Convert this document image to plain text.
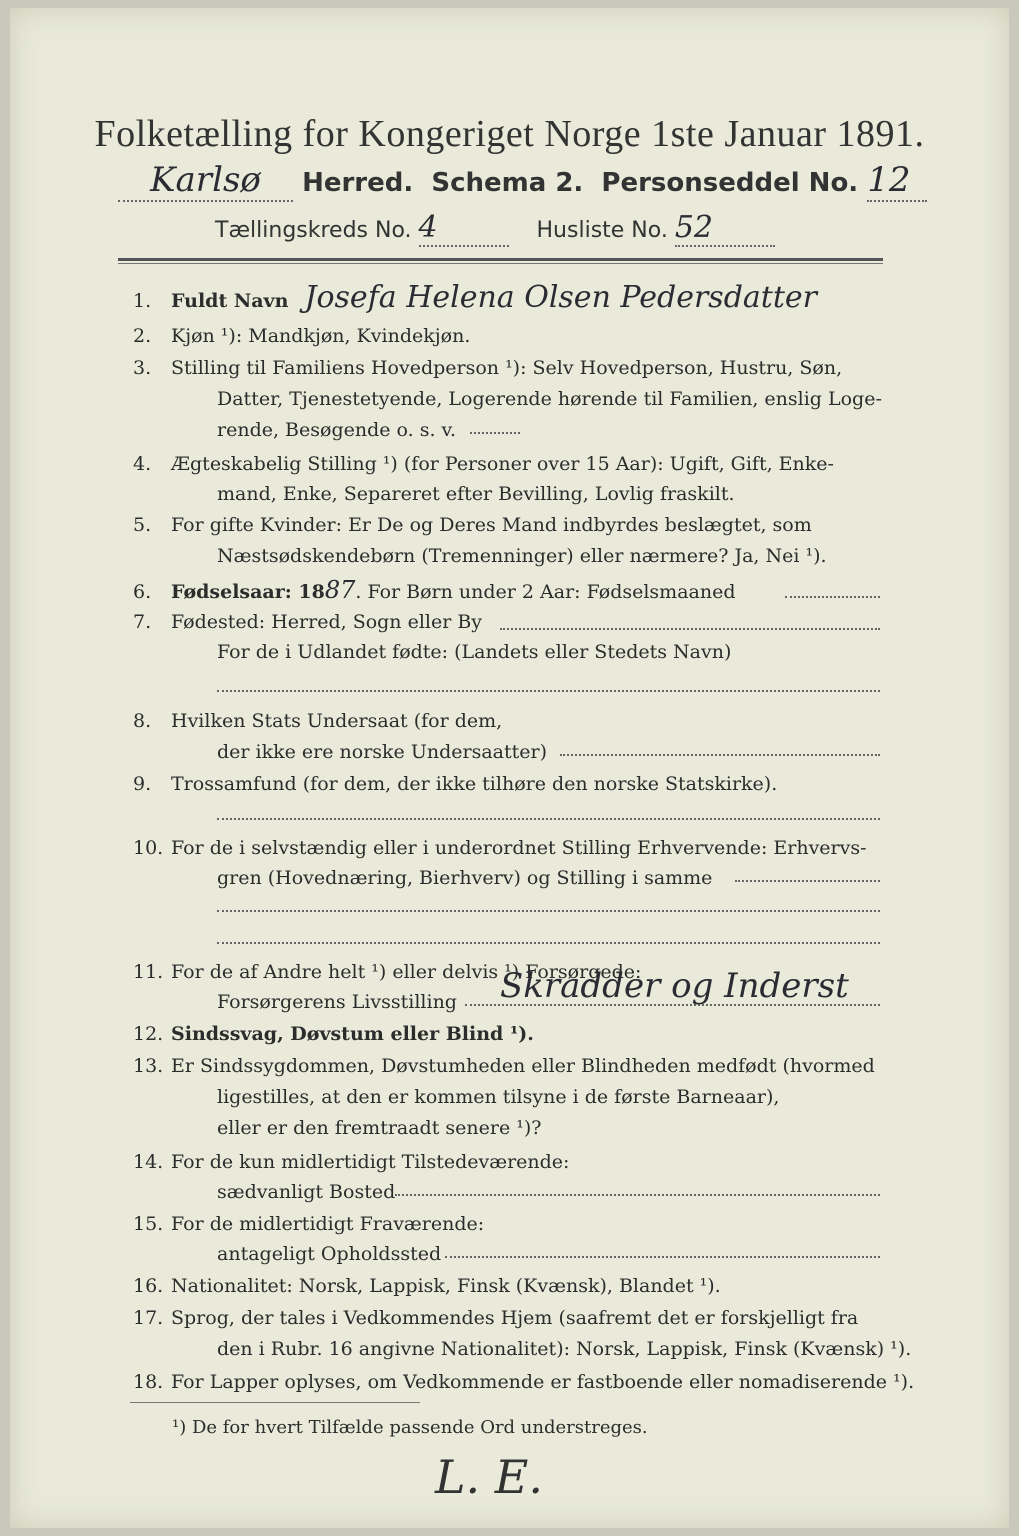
Folketælling for Kongeriget Norge 1ste Januar 1891.
Karlsø Herred. Schema 2. Personseddel No. 12
Tællingskreds No. 4	Husliste No. 52
1. Fuldt Navn Josefa Helena Olsen Pedersdatter
2. Kjøn ¹): Mandkjøn, Kvindekjøn.
3. Stilling til Familiens Hovedperson ¹): Selv Hovedperson, Hustru, Søn,
Datter, Tjenestetyende, Logerende hørende til Familien, enslig Loge-
rende, Besøgende o. s. v.
4. Ægteskabelig Stilling ¹) (for Personer over 15 Aar): Ugift, Gift, Enke-
mand, Enke, Separeret efter Bevilling, Lovlig fraskilt.
5. For gifte Kvinder: Er De og Deres Mand indbyrdes beslægtet, som
Næstsødskendebørn (Tremenninger) eller nærmere? Ja, Nei ¹).
6. Fødselsaar: 1887. For Børn under 2 Aar: Fødselsmaaned
7. Fødested: Herred, Sogn eller By
For de i Udlandet fødte: (Landets eller Stedets Navn)
8. Hvilken Stats Undersaat (for dem,
der ikke ere norske Undersaatter)
9. Trossamfund (for dem, der ikke tilhøre den norske Statskirke).
10. For de i selvstændig eller i underordnet Stilling Erhvervende: Erhvervs-
gren (Hovednæring, Bierhverv) og Stilling i samme
11. For de af Andre helt ¹) eller delvis ¹) Forsørgede:
Forsørgerens Livsstilling Skradder og Inderst
12. Sindssvag, Døvstum eller Blind ¹).
13. Er Sindssygdommen, Døvstumheden eller Blindheden medfødt (hvormed
ligestilles, at den er kommen tilsyne i de første Barneaar),
eller er den fremtraadt senere ¹)?
14. For de kun midlertidigt Tilstedeværende:
sædvanligt Bosted
15. For de midlertidigt Fraværende:
antageligt Opholdssted
16. Nationalitet: Norsk, Lappisk, Finsk (Kvænsk), Blandet ¹).
17. Sprog, der tales i Vedkommendes Hjem (saafremt det er forskjelligt fra
den i Rubr. 16 angivne Nationalitet): Norsk, Lappisk, Finsk (Kvænsk) ¹).
18. For Lapper oplyses, om Vedkommende er fastboende eller nomadiserende ¹).
¹) De for hvert Tilfælde passende Ord understreges.
L. E.
